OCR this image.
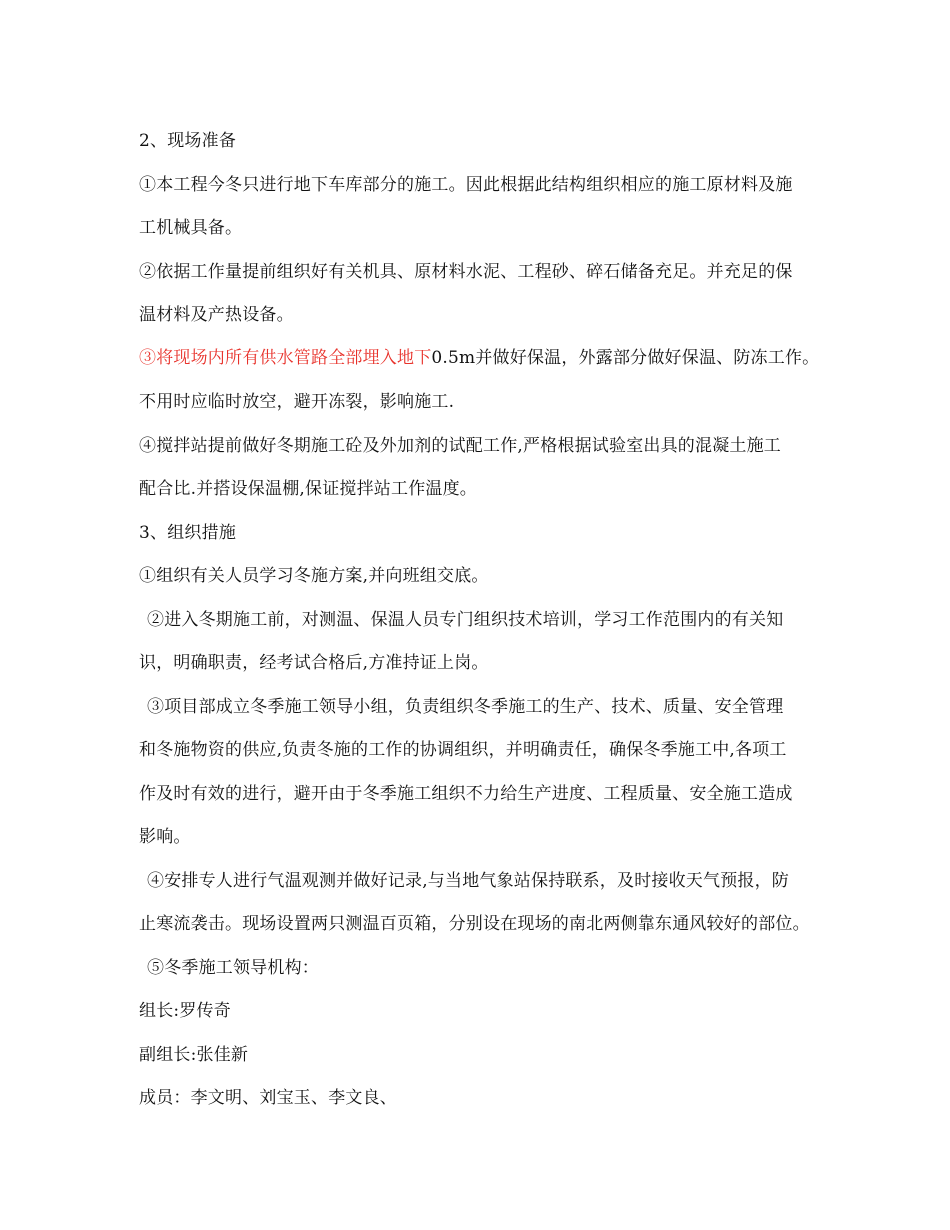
2、现场准备
①本工程今冬只进行地下车库部分的施工。因此根据此结构组织相应的施工原材料及施
工机械具备。
②依据工作量提前组织好有关机具、原材料水泥、工程砂、碎石储备充足。并充足的保
温材料及产热设备。
③将现场内所有供水管路全部埋入地下0.5m并做好保温，外露部分做好保温、防冻工作。
不用时应临时放空，避开冻裂，影响施工.
④搅拌站提前做好冬期施工砼及外加剂的试配工作,严格根据试验室出具的混凝土施工
配合比.并搭设保温棚,保证搅拌站工作温度。
3、组织措施
①组织有关人员学习冬施方案,并向班组交底。
②进入冬期施工前，对测温、保温人员专门组织技术培训，学习工作范围内的有关知
识，明确职责，经考试合格后,方准持证上岗。
③项目部成立冬季施工领导小组，负责组织冬季施工的生产、技术、质量、安全管理
和冬施物资的供应,负责冬施的工作的协调组织，并明确责任，确保冬季施工中,各项工
作及时有效的进行，避开由于冬季施工组织不力给生产进度、工程质量、安全施工造成
影响。
④安排专人进行气温观测并做好记录,与当地气象站保持联系，及时接收天气预报，防
止寒流袭击。现场设置两只测温百页箱，分别设在现场的南北两侧靠东通风较好的部位。
⑤冬季施工领导机构：
组长:罗传奇
副组长:张佳新
成员：李文明、刘宝玉、李文良、
